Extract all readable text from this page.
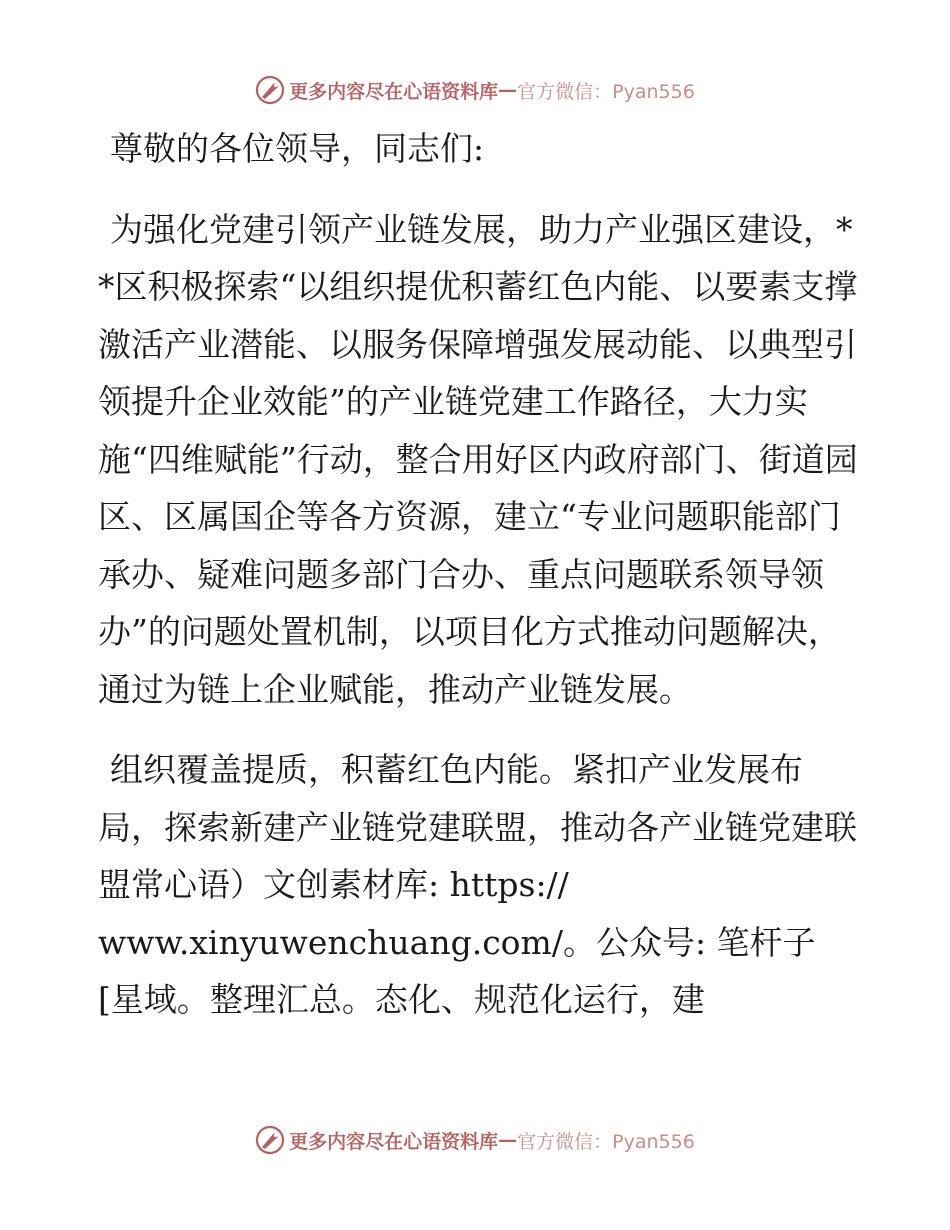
更多内容尽在心语资料库 — 官方微信：Pyan556

尊敬的各位领导，同志们:

为强化党建引领产业链发展，助力产业强区建设，**区积极探索“以组织提优积蓄红色内能、以要素支撑激活产业潜能、以服务保障增强发展动能、以典型引领提升企业效能”的产业链党建工作路径，大力实施“四维赋能”行动，整合用好区内政府部门、街道园区、区属国企等各方资源，建立“专业问题职能部门承办、疑难问题多部门合办、重点问题联系领导领办”的问题处置机制，以项目化方式推动问题解决，通过为链上企业赋能，推动产业链发展。

组织覆盖提质，积蓄红色内能。紧扣产业发展布局，探索新建产业链党建联盟，推动各产业链党建联盟常心语）文创素材库: https://
www.xinyuwenchuang.com/。公众号: 笔杆子[星域。整理汇总。态化、规范化运行，建

更多内容尽在心语资料库 — 官方微信：Pyan556
